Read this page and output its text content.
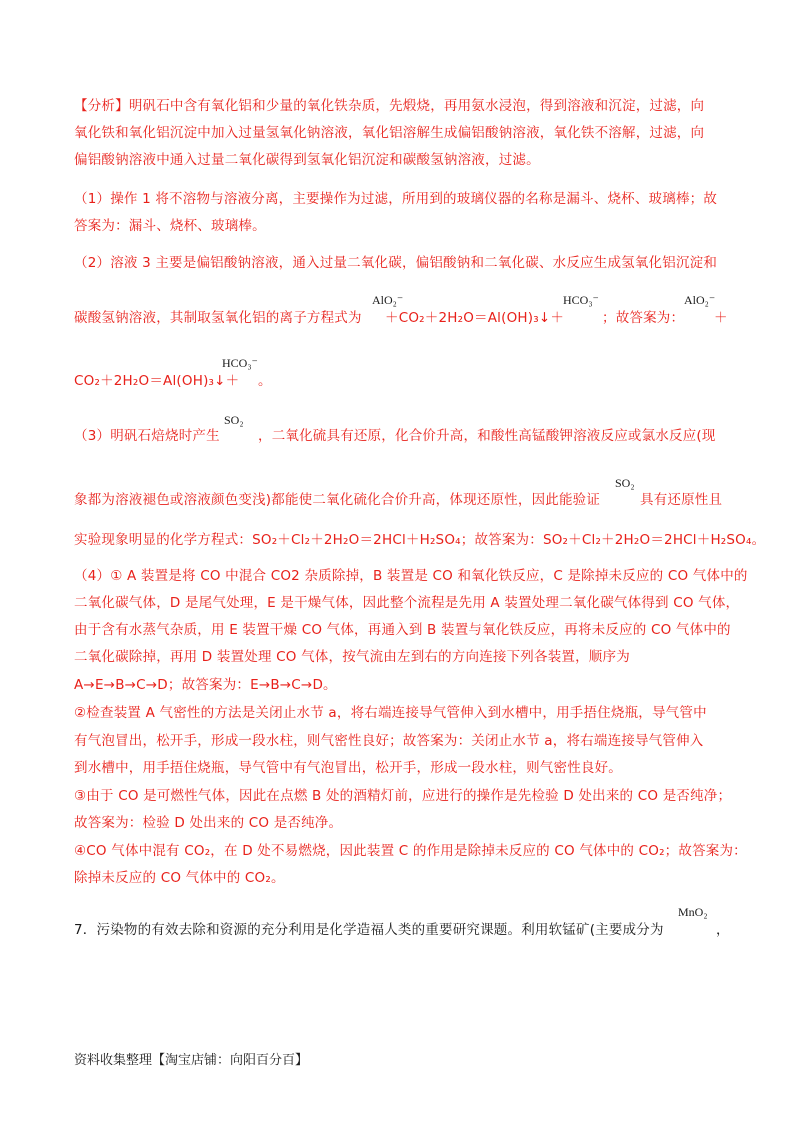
【分析】明矾石中含有氧化铝和少量的氧化铁杂质，先煅烧，再用氨水浸泡，得到溶液和沉淀，过滤，向
氧化铁和氧化铝沉淀中加入过量氢氧化钠溶液，氧化铝溶解生成偏铝酸钠溶液，氧化铁不溶解，过滤，向
偏铝酸钠溶液中通入过量二氧化碳得到氢氧化铝沉淀和碳酸氢钠溶液，过滤。
（1）操作 1 将不溶物与溶液分离，主要操作为过滤，所用到的玻璃仪器的名称是漏斗、烧杯、玻璃棒；故
答案为：漏斗、烧杯、玻璃棒。
（2）溶液 3 主要是偏铝酸钠溶液，通入过量二氧化碳，偏铝酸钠和二氧化碳、水反应生成氢氧化铝沉淀和
碳酸氢钠溶液，其制取氢氧化铝的离子方程式为
AlO₂⁻
＋CO₂＋2H₂O＝Al(OH)₃↓＋
HCO₃⁻
；故答案为：
AlO₂⁻
＋
CO₂＋2H₂O＝Al(OH)₃↓＋
HCO₃⁻
。
（3）明矾石焙烧时产生
SO₂
，二氧化硫具有还原，化合价升高，和酸性高锰酸钾溶液反应或氯水反应(现
象都为溶液褪色或溶液颜色变浅)都能使二氧化硫化合价升高，体现还原性，因此能验证
SO₂
具有还原性且
实验现象明显的化学方程式：SO₂＋Cl₂＋2H₂O＝2HCl＋H₂SO₄；故答案为：SO₂＋Cl₂＋2H₂O＝2HCl＋H₂SO₄。
（4）① A 装置是将 CO 中混合 CO2 杂质除掉，B 装置是 CO 和氧化铁反应，C 是除掉未反应的 CO 气体中的
二氧化碳气体，D 是尾气处理，E 是干燥气体，因此整个流程是先用 A 装置处理二氧化碳气体得到 CO 气体，
由于含有水蒸气杂质，用 E 装置干燥 CO 气体，再通入到 B 装置与氧化铁反应，再将未反应的 CO 气体中的
二氧化碳除掉，再用 D 装置处理 CO 气体，按气流由左到右的方向连接下列各装置，顺序为
A→E→B→C→D；故答案为：E→B→C→D。
②检查装置 A 气密性的方法是关闭止水节 a，将右端连接导气管伸入到水槽中，用手捂住烧瓶，导气管中
有气泡冒出，松开手，形成一段水柱，则气密性良好；故答案为：关闭止水节 a，将右端连接导气管伸入
到水槽中，用手捂住烧瓶，导气管中有气泡冒出，松开手，形成一段水柱，则气密性良好。
③由于 CO 是可燃性气体，因此在点燃 B 处的酒精灯前，应进行的操作是先检验 D 处出来的 CO 是否纯净；
故答案为：检验 D 处出来的 CO 是否纯净。
④CO 气体中混有 CO₂，在 D 处不易燃烧，因此装置 C 的作用是除掉未反应的 CO 气体中的 CO₂；故答案为：
除掉未反应的 CO 气体中的 CO₂。
7．污染物的有效去除和资源的充分利用是化学造福人类的重要研究课题。利用软锰矿(主要成分为
MnO₂
，
资料收集整理【淘宝店铺：向阳百分百】
